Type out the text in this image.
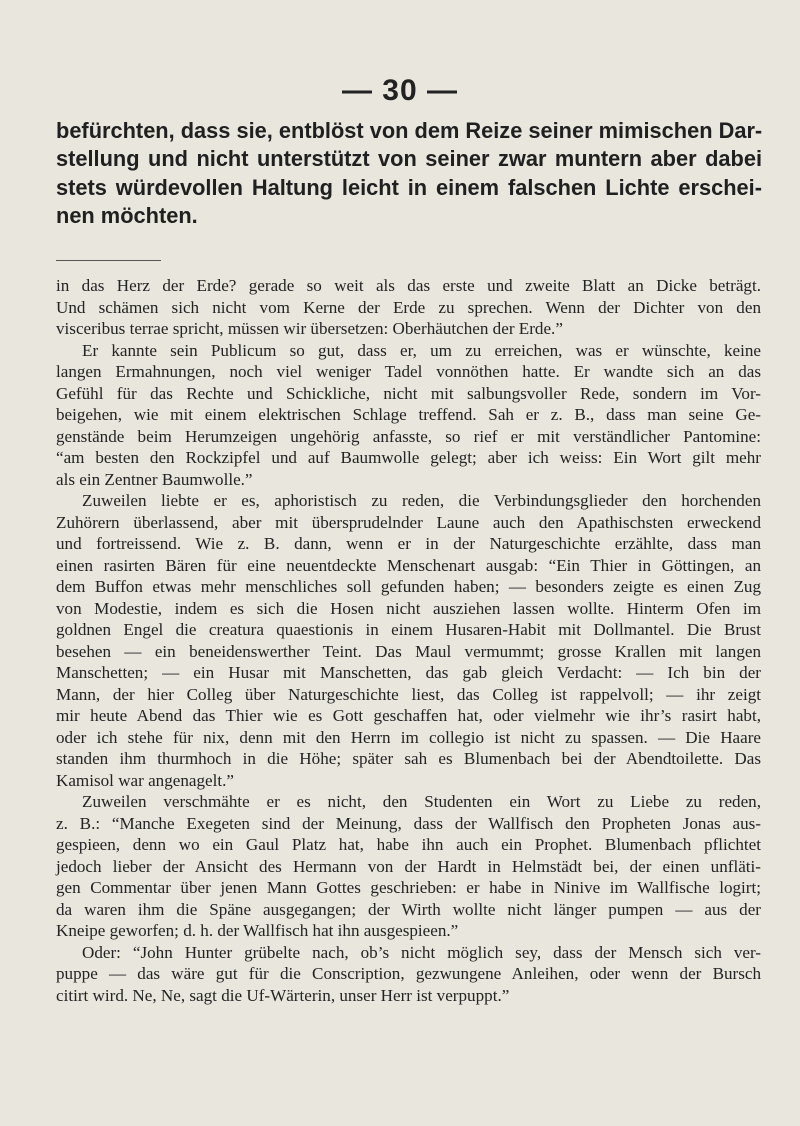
— 30 —
befürchten, dass sie, entblöst von dem Reize seiner mimischen Dar-
stellung und nicht unterstützt von seiner zwar muntern aber dabei
stets würdevollen Haltung leicht in einem falschen Lichte erschei-
nen möchten.
in das Herz der Erde? gerade so weit als das erste und zweite Blatt an Dicke beträgt.
Und schämen sich nicht vom Kerne der Erde zu sprechen. Wenn der Dichter von den
visceribus terrae spricht, müssen wir übersetzen: Oberhäutchen der Erde.”
Er kannte sein Publicum so gut, dass er, um zu erreichen, was er wünschte, keine
langen Ermahnungen, noch viel weniger Tadel vonnöthen hatte. Er wandte sich an das
Gefühl für das Rechte und Schickliche, nicht mit salbungsvoller Rede, sondern im Vor-
beigehen, wie mit einem elektrischen Schlage treffend. Sah er z. B., dass man seine Ge-
genstände beim Herumzeigen ungehörig anfasste, so rief er mit verständlicher Pantomine:
“am besten den Rockzipfel und auf Baumwolle gelegt; aber ich weiss: Ein Wort gilt mehr
als ein Zentner Baumwolle.”
Zuweilen liebte er es, aphoristisch zu reden, die Verbindungsglieder den horchenden
Zuhörern überlassend, aber mit übersprudelnder Laune auch den Apathischsten erweckend
und fortreissend. Wie z. B. dann, wenn er in der Naturgeschichte erzählte, dass man
einen rasirten Bären für eine neuentdeckte Menschenart ausgab: “Ein Thier in Göttingen, an
dem Buffon etwas mehr menschliches soll gefunden haben; — besonders zeigte es einen Zug
von Modestie, indem es sich die Hosen nicht ausziehen lassen wollte. Hinterm Ofen im
goldnen Engel die creatura quaestionis in einem Husaren-Habit mit Dollmantel. Die Brust
besehen — ein beneidenswerther Teint. Das Maul vermummt; grosse Krallen mit langen
Manschetten; — ein Husar mit Manschetten, das gab gleich Verdacht: — Ich bin der
Mann, der hier Colleg über Naturgeschichte liest, das Colleg ist rappelvoll; — ihr zeigt
mir heute Abend das Thier wie es Gott geschaffen hat, oder vielmehr wie ihr’s rasirt habt,
oder ich stehe für nix, denn mit den Herrn im collegio ist nicht zu spassen. — Die Haare
standen ihm thurmhoch in die Höhe; später sah es Blumenbach bei der Abendtoilette. Das
Kamisol war angenagelt.”
Zuweilen verschmähte er es nicht, den Studenten ein Wort zu Liebe zu reden,
z. B.: “Manche Exegeten sind der Meinung, dass der Wallfisch den Propheten Jonas aus-
gespieen, denn wo ein Gaul Platz hat, habe ihn auch ein Prophet. Blumenbach pflichtet
jedoch lieber der Ansicht des Hermann von der Hardt in Helmstädt bei, der einen unfläti-
gen Commentar über jenen Mann Gottes geschrieben: er habe in Ninive im Wallfische logirt;
da waren ihm die Späne ausgegangen; der Wirth wollte nicht länger pumpen — aus der
Kneipe geworfen; d. h. der Wallfisch hat ihn ausgespieen.”
Oder: “John Hunter grübelte nach, ob’s nicht möglich sey, dass der Mensch sich ver-
puppe — das wäre gut für die Conscription, gezwungene Anleihen, oder wenn der Bursch
citirt wird. Ne, Ne, sagt die Uf-Wärterin, unser Herr ist verpuppt.”
